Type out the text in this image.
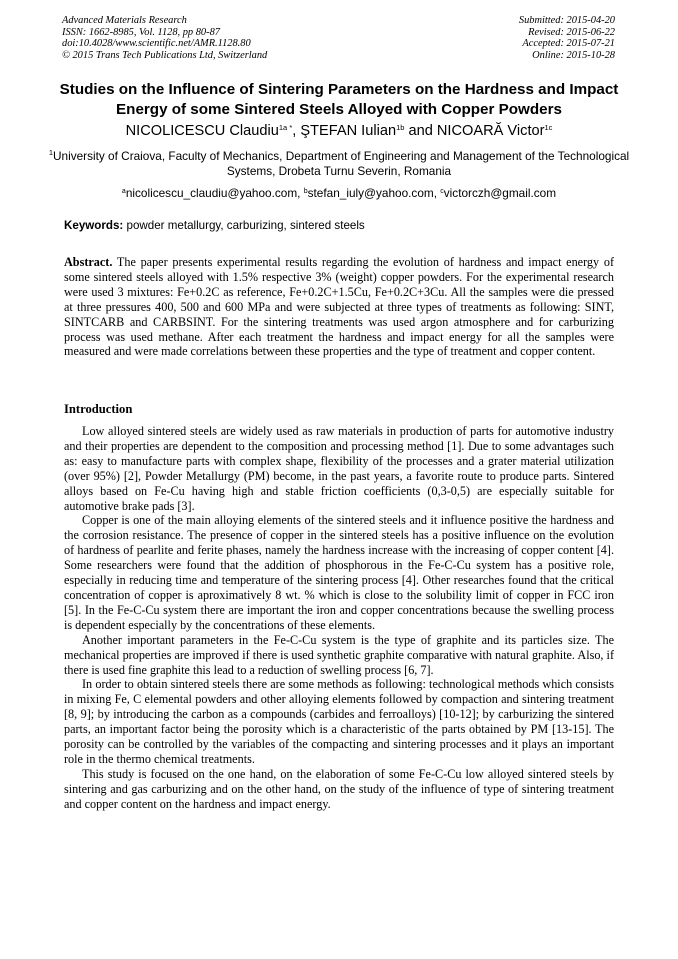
Advanced Materials Research
ISSN: 1662-8985, Vol. 1128, pp 80-87
doi:10.4028/www.scientific.net/AMR.1128.80
© 2015 Trans Tech Publications Ltd, Switzerland
Submitted: 2015-04-20
Revised: 2015-06-22
Accepted: 2015-07-21
Online: 2015-10-28
Studies on the Influence of Sintering Parameters on the Hardness and Impact Energy of some Sintered Steels Alloyed with Copper Powders
NICOLICESCU Claudiu$^{1a *}$, ŞTEFAN Iulian$^{1b}$ and NICOARĂ Victor$^{1c}$
$^1$University of Craiova, Faculty of Mechanics, Department of Engineering and Management of the Technological Systems, Drobeta Turnu Severin, Romania
$^a$nicolicescu_claudiu@yahoo.com, $^b$stefan_iuly@yahoo.com, $^c$victorczh@gmail.com
Keywords: powder metallurgy, carburizing, sintered steels
Abstract. The paper presents experimental results regarding the evolution of hardness and impact energy of some sintered steels alloyed with 1.5% respective 3% (weight) copper powders. For the experimental research were used 3 mixtures: Fe+0.2C as reference, Fe+0.2C+1.5Cu, Fe+0.2C+3Cu. All the samples were die pressed at three pressures 400, 500 and 600 MPa and were subjected at three types of treatments as following: SINT, SINTCARB and CARBSINT. For the sintering treatments was used argon atmosphere and for carburizing process was used methane. After each treatment the hardness and impact energy for all the samples were measured and were made correlations between these properties and the type of treatment and copper content.
Introduction

Low alloyed sintered steels are widely used as raw materials in production of parts for automotive industry and their properties are dependent to the composition and processing method [1]. Due to some advantages such as: easy to manufacture parts with complex shape, flexibility of the processes and a grater material utilization (over 95%) [2], Powder Metallurgy (PM) become, in the past years, a favorite route to produce parts. Sintered alloys based on Fe-Cu having high and stable friction coefficients (0,3-0,5) are especially suitable for automotive brake pads [3].

Copper is one of the main alloying elements of the sintered steels and it influence positive the hardness and the corrosion resistance. The presence of copper in the sintered steels has a positive influence on the evolution of hardness of pearlite and ferite phases, namely the hardness increase with the increasing of copper content [4]. Some researchers were found that the addition of phosphorous in the Fe-C-Cu system has a positive role, especially in reducing time and temperature of the sintering process [4]. Other researches found that the critical concentration of copper is aproximatively 8 wt. % which is close to the solubility limit of copper in FCC iron [5]. In the Fe-C-Cu system there are important the iron and copper concentrations because the swelling process is dependent especially by the concentrations of these elements.

Another important parameters in the Fe-C-Cu system is the type of graphite and its particles size. The mechanical properties are improved if there is used synthetic graphite comparative with natural graphite. Also, if there is used fine graphite this lead to a reduction of swelling process [6, 7].

In order to obtain sintered steels there are some methods as following: technological methods which consists in mixing Fe, C elemental powders and other alloying elements followed by compaction and sintering treatment [8, 9]; by introducing the carbon as a compounds (carbides and ferroalloys) [10-12]; by carburizing the sintered parts, an important factor being the porosity which is a characteristic of the parts obtained by PM [13-15]. The porosity can be controlled by the variables of the compacting and sintering processes and it plays an important role in the thermo chemical treatments.

This study is focused on the one hand, on the elaboration of some Fe-C-Cu low alloyed sintered steels by sintering and gas carburizing and on the other hand, on the study of the influence of type of sintering treatment and copper content on the hardness and impact energy.
